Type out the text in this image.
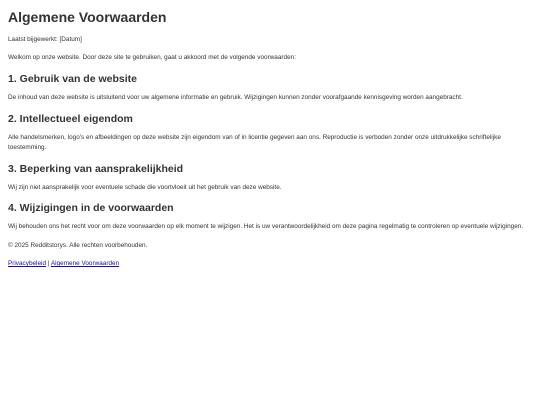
Algemene Voorwaarden

Laatst bijgewerkt: [Datum]

Welkom op onze website. Door deze site te gebruiken, gaat u akkoord met de volgende voorwaarden:

1. Gebruik van de website

De inhoud van deze website is uitsluitend voor uw algemene informatie en gebruik. Wijzigingen kunnen zonder voorafgaande kennisgeving worden aangebracht.

2. Intellectueel eigendom

Alle handelsmerken, logo's en afbeeldingen op deze website zijn eigendom van of in licentie gegeven aan ons. Reproductie is verboden zonder onze uitdrukkelijke schriftelijke toestemming.

3. Beperking van aansprakelijkheid

Wij zijn niet aansprakelijk voor eventuele schade die voortvloeit uit het gebruik van deze website.

4. Wijzigingen in de voorwaarden

Wij behouden ons het recht voor om deze voorwaarden op elk moment te wijzigen. Het is uw verantwoordelijkheid om deze pagina regelmatig te controleren op eventuele wijzigingen.

© 2025 Redditstorys. Alle rechten voorbehouden.

Privacybeleid | Algemene Voorwaarden
